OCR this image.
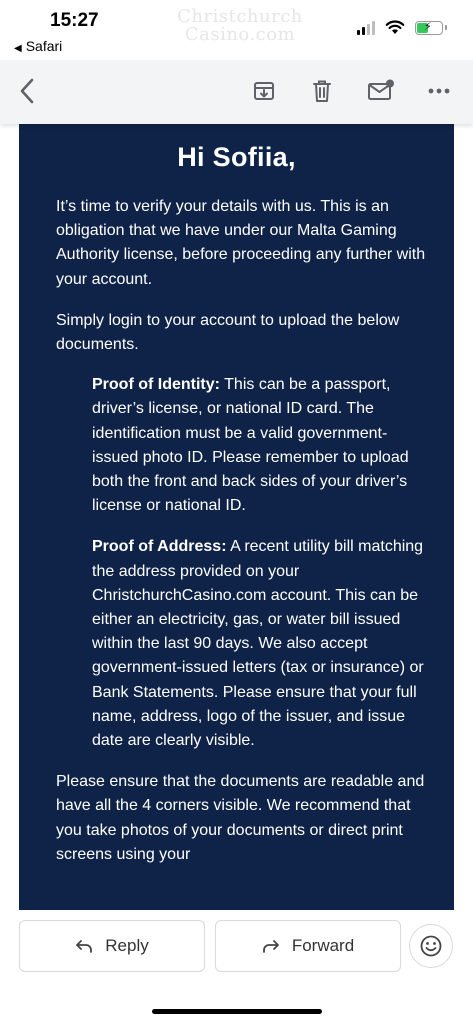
Christchurch
Casino.com
15:27
◀ Safari
⚡
Hi Sofiia,

It’s time to verify your details with us. This is an obligation that we have under our Malta Gaming Authority license, before proceeding any further with your account.

Simply login to your account to upload the below documents.

Proof of Identity: This can be a passport, driver’s license, or national ID card. The identification must be a valid government-issued photo ID. Please remember to upload both the front and back sides of your driver’s license or national ID.

Proof of Address: A recent utility bill matching the address provided on your ChristchurchCasino.com account. This can be either an electricity, gas, or water bill issued within the last 90 days. We also accept government-issued letters (tax or insurance) or Bank Statements. Please ensure that your full name, address, logo of the issuer, and issue date are clearly visible.

Please ensure that the documents are readable and have all the 4 corners visible. We recommend that you take photos of your documents or direct print screens using your

Reply	Forward
